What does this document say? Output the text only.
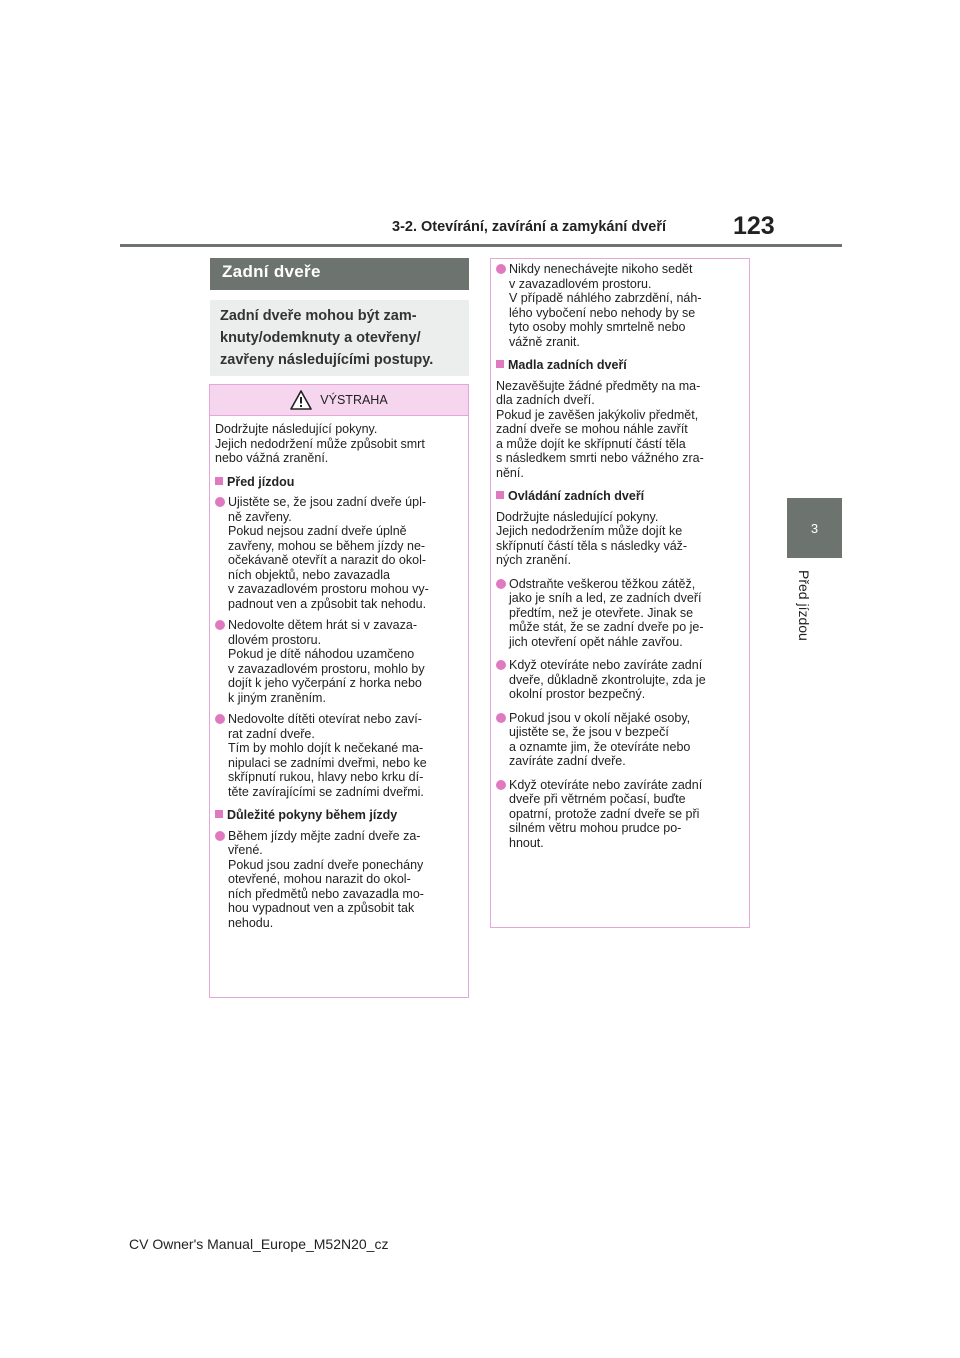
3-2. Otevírání, zavírání a zamykání dveří	123
3
Před jízdou
Zadní dveře
Zadní dveře mohou být zam-
knuty/odemknuty a otevřeny/
zavřeny následujícími postupy.
VÝSTRAHA

Dodržujte následující pokyny.
Jejich nedodržení může způsobit smrt
nebo vážná zranění.

Před jízdou
Ujistěte se, že jsou zadní dveře úpl-
ně zavřeny.
Pokud nejsou zadní dveře úplně
zavřeny, mohou se během jízdy ne-
očekávaně otevřít a narazit do okol-
ních objektů, nebo zavazadla
v zavazadlovém prostoru mohou vy-
padnout ven a způsobit tak nehodu.
Nedovolte dětem hrát si v zavaza-
dlovém prostoru.
Pokud je dítě náhodou uzamčeno
v zavazadlovém prostoru, mohlo by
dojít k jeho vyčerpání z horka nebo
k jiným zraněním.
Nedovolte dítěti otevírat nebo zaví-
rat zadní dveře.
Tím by mohlo dojít k nečekané ma-
nipulaci se zadními dveřmi, nebo ke
skřípnutí rukou, hlavy nebo krku dí-
těte zavírajícími se zadními dveřmi.
Důležité pokyny během jízdy
Během jízdy mějte zadní dveře za-
vřené.
Pokud jsou zadní dveře ponechány
otevřené, mohou narazit do okol-
ních předmětů nebo zavazadla mo-
hou vypadnout ven a způsobit tak
nehodu.
Nikdy nenechávejte nikoho sedět
v zavazadlovém prostoru.
V případě náhlého zabrzdění, náh-
lého vybočení nebo nehody by se
tyto osoby mohly smrtelně nebo
vážně zranit.
Madla zadních dveří

Nezavěšujte žádné předměty na ma-
dla zadních dveří.
Pokud je zavěšen jakýkoliv předmět,
zadní dveře se mohou náhle zavřít
a může dojít ke skřípnutí částí těla
s následkem smrti nebo vážného zra-
nění.

Ovládání zadních dveří

Dodržujte následující pokyny.
Jejich nedodržením může dojít ke
skřípnutí částí těla s následky váž-
ných zranění.

Odstraňte veškerou těžkou zátěž,
jako je sníh a led, ze zadních dveří
předtím, než je otevřete. Jinak se
může stát, že se zadní dveře po je-
jich otevření opět náhle zavřou.
Když otevíráte nebo zavíráte zadní
dveře, důkladně zkontrolujte, zda je
okolní prostor bezpečný.
Pokud jsou v okolí nějaké osoby,
ujistěte se, že jsou v bezpečí
a oznamte jim, že otevíráte nebo
zavíráte zadní dveře.
Když otevíráte nebo zavíráte zadní
dveře při větrném počasí, buďte
opatrní, protože zadní dveře se při
silném větru mohou prudce po-
hnout.
CV Owner's Manual_Europe_M52N20_cz
